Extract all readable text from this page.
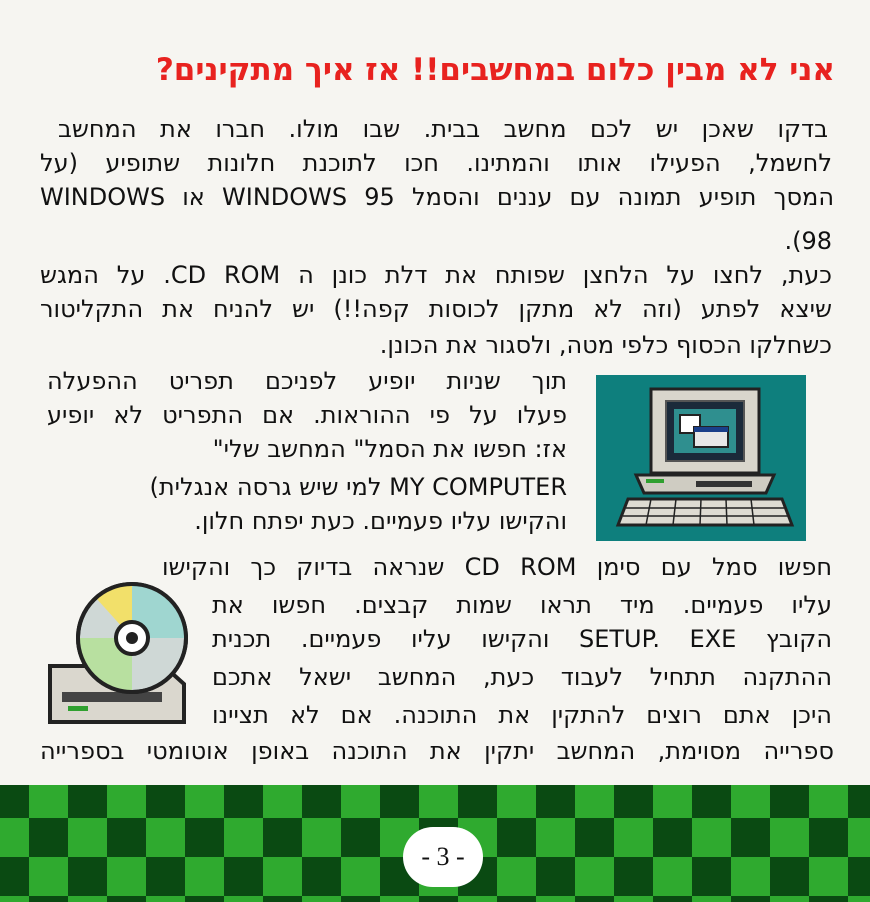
אני לא מבין כלום במחשבים!! אז איך מתקינים?
בדקו שאכן יש לכם מחשב בבית. שבו מולו. חברו את המחשב
לחשמל, הפעילו אותו והמתינו. חכו לתוכנת חלונות שתופיע (על
המסך תופיע תמונה עם עננים והסמל WINDOWS 95 או WINDOWS
98).
כעת, לחצו על הלחצן שפותח את דלת כונן ה CD ROM. על המגש
שיצא לפתע (וזה לא מתקן לכוסות קפה!!) יש להניח את התקליטור
כשחלקו הכסוף כלפי מטה, ולסגור את הכונן.
תוך שניות יופיע לפניכם תפריט ההפעלה
פעלו על פי ההוראות. אם התפריט לא יופיע
אז: חפשו את הסמל" המחשב שלי"
MY COMPUTER למי שיש גרסה אנגלית)
והקישו עליו פעמיים. כעת יפתח חלון.
חפשו סמל עם סימן CD ROM שנראה בדיוק כך והקישו
עליו פעמיים. מיד תראו שמות קבצים. חפשו את
הקובץ SETUP. EXE והקישו עליו פעמיים. תכנית
ההתקנה תתחיל לעבוד כעת, המחשב ישאל אתכם
היכן אתם רוצים להתקין את התוכנה. אם לא תציינו
ספרייה מסוימת, המחשב יתקין את התוכנה באופן אוטומטי בספרייה
- 3 -
